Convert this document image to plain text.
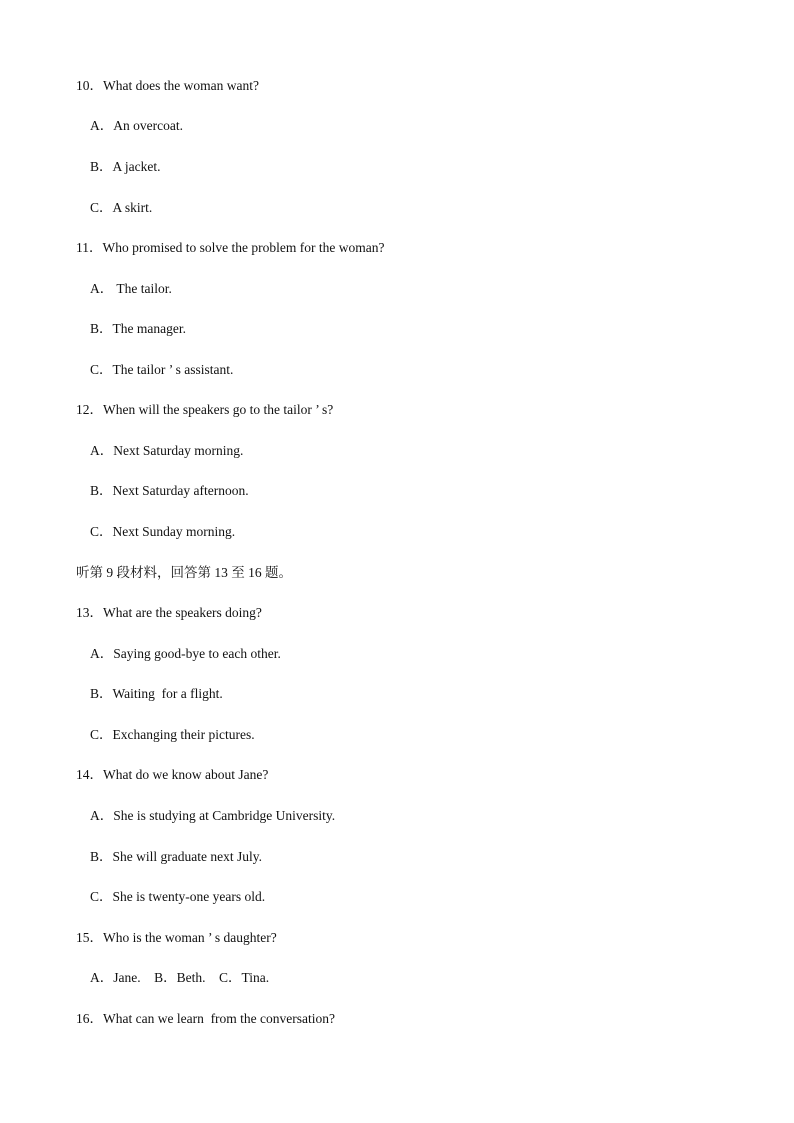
10．What does the woman want?
A．An overcoat.
B．A jacket.
C．A skirt.
11．Who promised to solve the problem for the woman?
A． The tailor.
B．The manager.
C．The tailor ’ s assistant.
12．When will the speakers go to the tailor ’ s?
A．Next Saturday morning.
B．Next Saturday afternoon.
C．Next Sunday morning.
听第 9 段材料，回答第 13 至 16 题。
13．What are the speakers doing?
A．Saying good-bye to each other.
B．Waiting  for a flight.
C．Exchanging their pictures.
14．What do we know about Jane?
A．She is studying at Cambridge University.
B．She will graduate next July.
C．She is twenty-one years old.
15．Who is the woman ’ s daughter?
A．Jane.    B．Beth.    C．Tina.
16．What can we learn  from the conversation?
